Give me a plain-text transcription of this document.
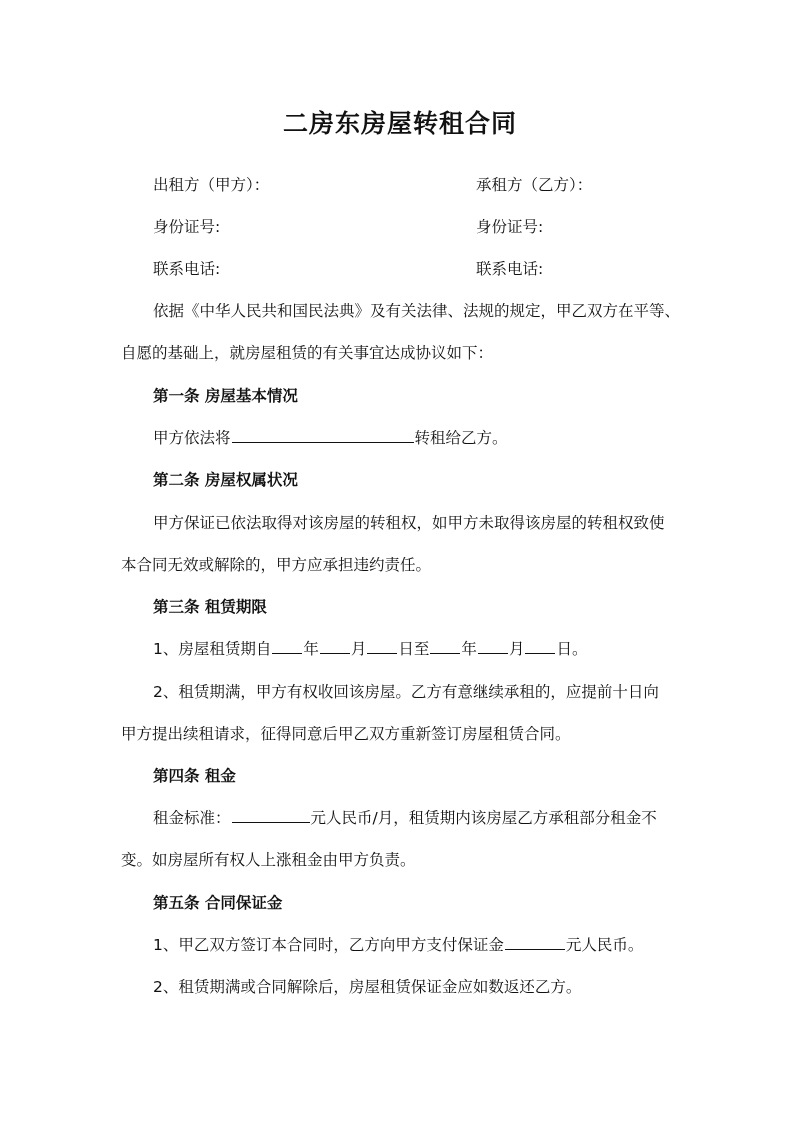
二房东房屋转租合同
出租方（甲方）：	承租方（乙方）：
身份证号:	身份证号:
联系电话:	联系电话:
依据《中华人民共和国民法典》及有关法律、法规的规定，甲乙双方在平等、
自愿的基础上，就房屋租赁的有关事宜达成协议如下：
第一条 房屋基本情况
甲方依法将	转租给乙方。
第二条 房屋权属状况
甲方保证已依法取得对该房屋的转租权，如甲方未取得该房屋的转租权致使
本合同无效或解除的，甲方应承担违约责任。
第三条 租赁期限
1、房屋租赁期自 年 月 日至 年 月 日。
2、租赁期满，甲方有权收回该房屋。乙方有意继续承租的，应提前十日向
甲方提出续租请求，征得同意后甲乙双方重新签订房屋租赁合同。
第四条 租金
租金标准：	元人民币/月，租赁期内该房屋乙方承租部分租金不
变。如房屋所有权人上涨租金由甲方负责。
第五条 合同保证金
1、甲乙双方签订本合同时，乙方向甲方支付保证金	元人民币。
2、租赁期满或合同解除后，房屋租赁保证金应如数返还乙方。
